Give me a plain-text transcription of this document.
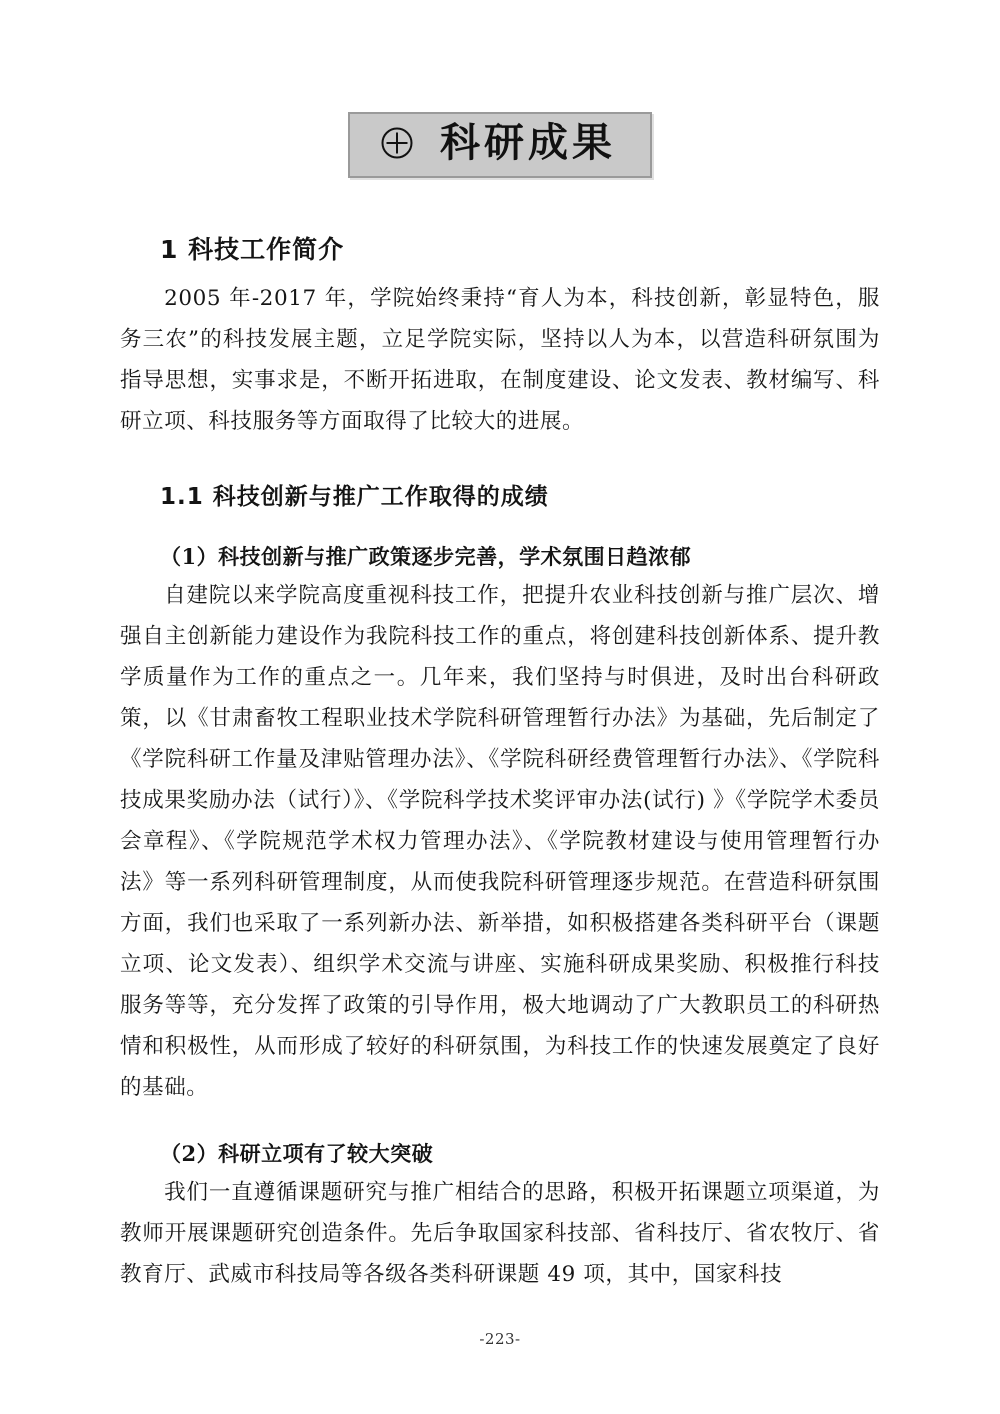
科研成果
1 科技工作简介

2005 年-2017 年，学院始终秉持“育人为本，科技创新，彰显特色，服务三农”的科技发展主题，立足学院实际，坚持以人为本，以营造科研氛围为指导思想，实事求是，不断开拓进取，在制度建设、论文发表、教材编写、科研立项、科技服务等方面取得了比较大的进展。

1.1 科技创新与推广工作取得的成绩
（1）科技创新与推广政策逐步完善，学术氛围日趋浓郁

自建院以来学院高度重视科技工作，把提升农业科技创新与推广层次、增强自主创新能力建设作为我院科技工作的重点，将创建科技创新体系、提升教学质量作为工作的重点之一。几年来，我们坚持与时俱进，及时出台科研政策，以《甘肃畜牧工程职业技术学院科研管理暂行办法》为基础，先后制定了《学院科研工作量及津贴管理办法》、《学院科研经费管理暂行办法》、《学院科技成果奖励办法（试行）》、《学院科学技术奖评审办法(试行) 》《学院学术委员会章程》、《学院规范学术权力管理办法》、《学院教材建设与使用管理暂行办法》等一系列科研管理制度，从而使我院科研管理逐步规范。在营造科研氛围方面，我们也采取了一系列新办法、新举措，如积极搭建各类科研平台（课题立项、论文发表）、组织学术交流与讲座、实施科研成果奖励、积极推行科技服务等等，充分发挥了政策的引导作用，极大地调动了广大教职员工的科研热情和积极性，从而形成了较好的科研氛围，为科技工作的快速发展奠定了良好的基础。

（2）科研立项有了较大突破

我们一直遵循课题研究与推广相结合的思路，积极开拓课题立项渠道，为教师开展课题研究创造条件。先后争取国家科技部、省科技厅、省农牧厅、省教育厅、武威市科技局等各级各类科研课题 49 项，其中，国家科技

-223-
